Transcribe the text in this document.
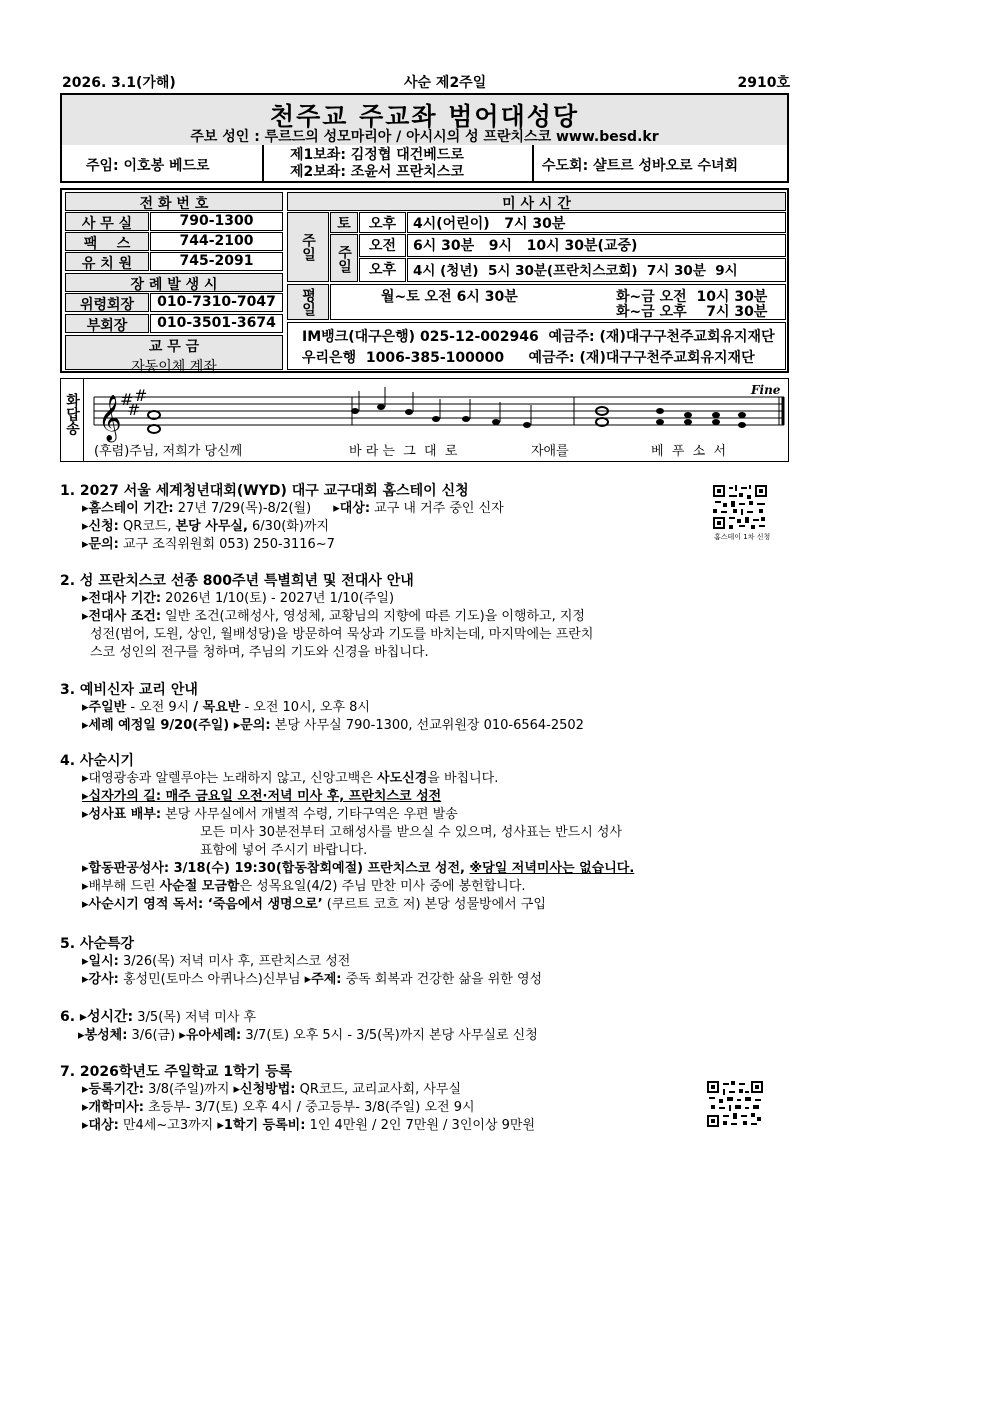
2026. 3.1(가해)	사순 제2주일	2910호
천주교 주교좌 범어대성당
주보 성인 : 루르드의 성모마리아 / 아시시의 성 프란치스코 www.besd.kr
주임: 이호봉 베드로
제1보좌: 김정협 대건베드로
제2보좌: 조윤서 프란치스코	수도회: 샬트르 성바오로 수녀회
전 화 번 호
사 무 실	790-1300
팩    스	744-2100
유 치 원	745-2091
장 례 발 생 시
위령회장	010-7310-7047
부회장	010-3501-3674
교 무 금
자동이체 계좌
미 사 시 간
주일
토	오후	4시(어린이)   7시 30분
주일	오전	6시 30분   9시   10시 30분(교중)
오후	4시 (청년)  5시 30분(프란치스코회)  7시 30분  9시
평일	월~토 오전 6시 30분	화~금 오전  10시 30분
화~금 오후    7시 30분
IM뱅크(대구은행) 025-12-002946  예금주: (재)대구구천주교회유지재단
우리은행  1006-385-100000     예금주: (재)대구구천주교회유지재단
화답송 𝄞
#
#
#	Fine
(후렴)주님, 저희가 당신께	바 라 는  그  대  로	자애를	베  푸  소  서
1. 2027 서울 세계청년대회(WYD) 대구 교구대회 홈스테이 신청
▸홈스테이 기간: 27년 7/29(목)-8/2(월) ▸대상: 교구 내 거주 중인 신자
▸신청: QR코드, 본당 사무실, 6/30(화)까지
▸문의: 교구 조직위원회 053) 250-3116~7	홈스테이 1차 신청
2. 성 프란치스코 선종 800주년 특별희년 및 전대사 안내
▸전대사 기간: 2026년 1/10(토) - 2027년 1/10(주일)
▸전대사 조건: 일반 조건(고해성사, 영성체, 교황님의 지향에 따른 기도)을 이행하고, 지정
성전(범어, 도원, 상인, 월배성당)을 방문하여 묵상과 기도를 바치는데, 마지막에는 프란치
스코 성인의 전구를 청하며, 주님의 기도와 신경을 바칩니다.
3. 예비신자 교리 안내
▸주일반 - 오전 9시 / 목요반 - 오전 10시, 오후 8시
▸세례 예정일 9/20(주일) ▸문의: 본당 사무실 790-1300, 선교위원장 010-6564-2502
4. 사순시기
▸대영광송과 알렐루야는 노래하지 않고, 신앙고백은 사도신경을 바칩니다.
▸십자가의 길: 매주 금요일 오전·저녁 미사 후, 프란치스코 성전
▸성사표 배부: 본당 사무실에서 개별적 수령, 기타구역은 우편 발송
모든 미사 30분전부터 고해성사를 받으실 수 있으며, 성사표는 반드시 성사
표함에 넣어 주시기 바랍니다.
▸합동판공성사: 3/18(수) 19:30(합동참회예절) 프란치스코 성전, ※당일 저녁미사는 없습니다.
▸배부해 드린 사순절 모금함은 성목요일(4/2) 주님 만찬 미사 중에 봉헌합니다.
▸사순시기 영적 독서: ‘죽음에서 생명으로’ (쿠르트 코흐 저) 본당 성물방에서 구입
5. 사순특강
▸일시: 3/26(목) 저녁 미사 후, 프란치스코 성전
▸강사: 홍성민(토마스 아퀴나스)신부님 ▸주제: 중독 회복과 건강한 삶을 위한 영성
6. ▸성시간: 3/5(목) 저녁 미사 후
▸봉성체: 3/6(금) ▸유아세례: 3/7(토) 오후 5시 - 3/5(목)까지 본당 사무실로 신청
7. 2026학년도 주일학교 1학기 등록
▸등록기간: 3/8(주일)까지 ▸신청방법: QR코드, 교리교사회, 사무실
▸개학미사: 초등부- 3/7(토) 오후 4시 / 중고등부- 3/8(주일) 오전 9시
▸대상: 만4세~고3까지 ▸1학기 등록비: 1인 4만원 / 2인 7만원 / 3인이상 9만원
